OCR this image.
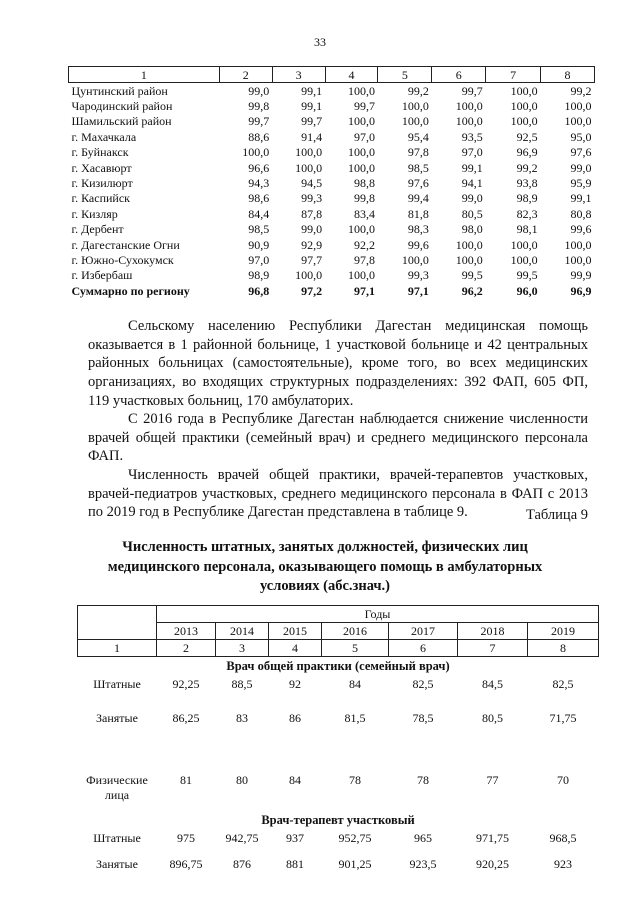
33
1	2	3	4	5	6	7	8
Цунтинский район	99,0	99,1	100,0	99,2	99,7	100,0	99,2
Чародинский район	99,8	99,1	99,7	100,0	100,0	100,0	100,0
Шамильский район	99,7	99,7	100,0	100,0	100,0	100,0	100,0
г. Махачкала	88,6	91,4	97,0	95,4	93,5	92,5	95,0
г. Буйнакск	100,0	100,0	100,0	97,8	97,0	96,9	97,6
г. Хасавюрт	96,6	100,0	100,0	98,5	99,1	99,2	99,0
г. Кизилюрт	94,3	94,5	98,8	97,6	94,1	93,8	95,9
г. Каспийск	98,6	99,3	99,8	99,4	99,0	98,9	99,1
г. Кизляр	84,4	87,8	83,4	81,8	80,5	82,3	80,8
г. Дербент	98,5	99,0	100,0	98,3	98,0	98,1	99,6
г. Дагестанские Огни	90,9	92,9	92,2	99,6	100,0	100,0	100,0
г. Южно-Сухокумск	97,0	97,7	97,8	100,0	100,0	100,0	100,0
г. Избербаш	98,9	100,0	100,0	99,3	99,5	99,5	99,9
Суммарно по региону	96,8	97,2	97,1	97,1	96,2	96,0	96,9

Сельскому населению Республики Дагестан медицинская помощь оказывается в 1 районной больнице, 1 участковой больнице и 42 центральных районных больницах (самостоятельные), кроме того, во всех медицинских организациях, во входящих структурных подразделениях: 392 ФАП, 605 ФП, 119 участковых больниц, 170 амбулаторих.

С 2016 года в Республике Дагестан наблюдается снижение численности врачей общей практики (семейный врач) и среднего медицинского персонала ФАП.

Численность врачей общей практики, врачей-терапевтов участковых, врачей-педиатров участковых, среднего медицинского персонала в ФАП с 2013 по 2019 год в Республике Дагестан представлена в таблице 9.	Таблица 9

Численность штатных, занятых должностей, физических лиц медицинского персонала, оказывающего помощь в амбулаторных условиях (абс.знач.)

	Годы						
	2013	2014	2015	2016	2017	2018	2019
1	2	3	4	5	6	7	8
Врач общей практики (семейный врач)							
Штатные	92,25	88,5	92	84	82,5	84,5	82,5
Занятые	86,25	83	86	81,5	78,5	80,5	71,75
Физические лица	81	80	84	78	78	77	70
Врач-терапевт участковый							
Штатные	975	942,75	937	952,75	965	971,75	968,5
Занятые	896,75	876	881	901,25	923,5	920,25	923
